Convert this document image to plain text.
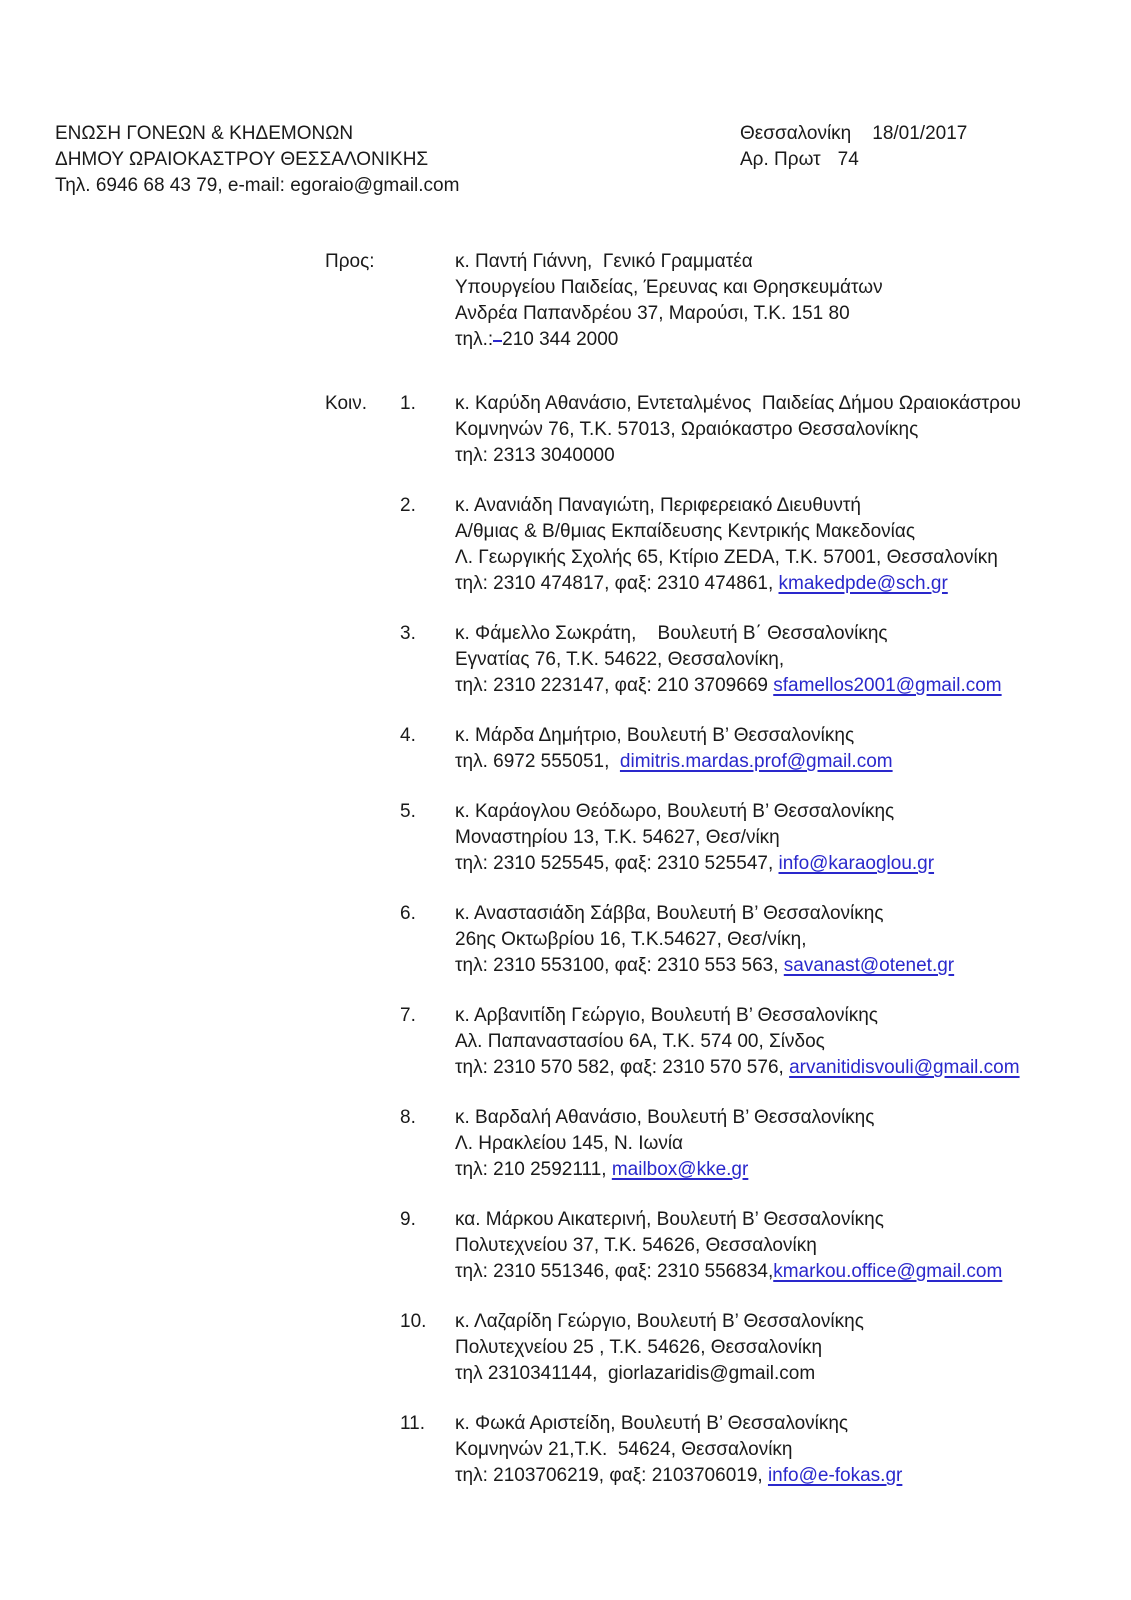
ΕΝΩΣΗ ΓΟΝΕΩΝ & ΚΗΔΕΜΟΝΩΝ
ΔΗΜΟΥ ΩΡΑΙΟΚΑΣΤΡΟΥ ΘΕΣΣΑΛΟΝΙΚΗΣ
Τηλ. 6946 68 43 79, e-mail: egoraio@gmail.com
Θεσσαλονίκη 18/01/2017
Αρ. Πρωτ 74
Προς:	κ. Παντή Γιάννη,  Γενικό Γραμματέα
Υπουργείου Παιδείας, Έρευνας και Θρησκευμάτων
Ανδρέα Παπανδρέου 37, Μαρούσι, Τ.Κ. 151 80
τηλ.: 210 344 2000
Κοιν.	1.	κ. Καρύδη Αθανάσιο, Εντεταλμένος  Παιδείας Δήμου Ωραιοκάστρου
Κομνηνών 76, Τ.Κ. 57013, Ωραιόκαστρο Θεσσαλονίκης
τηλ: 2313 3040000
2.	κ. Ανανιάδη Παναγιώτη, Περιφερειακό Διευθυντή
Α/θμιας & Β/θμιας Εκπαίδευσης Κεντρικής Μακεδονίας
Λ. Γεωργικής Σχολής 65, Κτίριο ZEDA, Τ.Κ. 57001, Θεσσαλονίκη
τηλ: 2310 474817, φαξ: 2310 474861, kmakedpde@sch.gr
3.	κ. Φάμελλο Σωκράτη,    Βουλευτή Β΄ Θεσσαλονίκης
Εγνατίας 76, Τ.Κ. 54622, Θεσσαλονίκη,
τηλ: 2310 223147, φαξ: 210 3709669 sfamellos2001@gmail.com
4.	κ. Μάρδα Δημήτριο, Βουλευτή Β’ Θεσσαλονίκης
τηλ. 6972 555051,  dimitris.mardas.prof@gmail.com
5.	κ. Καράογλου Θεόδωρο, Βουλευτή Β’ Θεσσαλονίκης
Μοναστηρίου 13, Τ.Κ. 54627, Θεσ/νίκη
τηλ: 2310 525545, φαξ: 2310 525547, info@karaoglou.gr
6.	κ. Αναστασιάδη Σάββα, Βουλευτή Β’ Θεσσαλονίκης
26ης Οκτωβρίου 16, Τ.Κ.54627, Θεσ/νίκη,
τηλ: 2310 553100, φαξ: 2310 553 563, savanast@otenet.gr
7.	κ. Αρβανιτίδη Γεώργιο, Βουλευτή Β’ Θεσσαλονίκης
Αλ. Παπαναστασίου 6Α, Τ.Κ. 574 00, Σίνδος
τηλ: 2310 570 582, φαξ: 2310 570 576, arvanitidisvouli@gmail.com
8.	κ. Βαρδαλή Αθανάσιο, Βουλευτή Β’ Θεσσαλονίκης
Λ. Ηρακλείου 145, Ν. Ιωνία
τηλ: 210 2592111, mailbox@kke.gr
9.	κα. Μάρκου Αικατερινή, Βουλευτή Β’ Θεσσαλονίκης
Πολυτεχνείου 37, Τ.Κ. 54626, Θεσσαλονίκη
τηλ: 2310 551346, φαξ: 2310 556834,kmarkou.office@gmail.com
10.	κ. Λαζαρίδη Γεώργιο, Βουλευτή Β’ Θεσσαλονίκης
Πολυτεχνείου 25 , Τ.Κ. 54626, Θεσσαλονίκη
τηλ 2310341144,  giorlazaridis@gmail.com
11.	κ. Φωκά Αριστείδη, Βουλευτή Β’ Θεσσαλονίκης
Κομνηνών 21,Τ.Κ.  54624, Θεσσαλονίκη
τηλ: 2103706219, φαξ: 2103706019, info@e-fokas.gr
